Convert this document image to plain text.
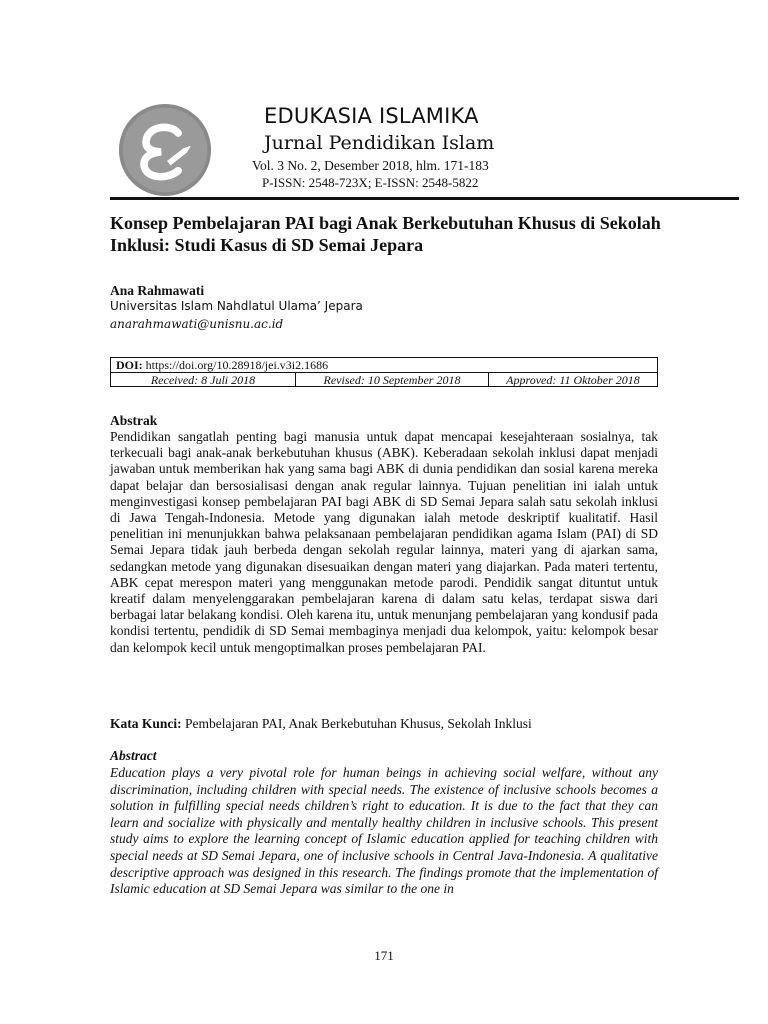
EDUKASIA ISLAMIKA
Jurnal Pendidikan Islam
Vol. 3 No. 2, Desember 2018, hlm. 171-183
P-ISSN: 2548-723X; E-ISSN: 2548-5822
Konsep Pembelajaran PAI bagi Anak Berkebutuhan Khusus di Sekolah Inklusi: Studi Kasus di SD Semai Jepara
Ana Rahmawati
Universitas Islam Nahdlatul Ulama’ Jepara
anarahmawati@unisnu.ac.id
DOI: https://doi.org/10.28918/jei.v3i2.1686
Received: 8 Juli 2018	Revised: 10 September 2018	Approved: 11 Oktober 2018
Abstrak
Pendidikan sangatlah penting bagi manusia untuk dapat mencapai kesejahteraan sosialnya, tak terkecuali bagi anak-anak berkebutuhan khusus (ABK). Keberadaan sekolah inklusi dapat menjadi jawaban untuk memberikan hak yang sama bagi ABK di dunia pendidikan dan sosial karena mereka dapat belajar dan bersosialisasi dengan anak regular lainnya. Tujuan penelitian ini ialah untuk menginvestigasi konsep pembelajaran PAI bagi ABK di SD Semai Jepara salah satu sekolah inklusi di Jawa Tengah-Indonesia. Metode yang digunakan ialah metode deskriptif kualitatif. Hasil penelitian ini menunjukkan bahwa pelaksanaan pembelajaran pendidikan agama Islam (PAI) di SD Semai Jepara tidak jauh berbeda dengan sekolah regular lainnya, materi yang di ajarkan sama, sedangkan metode yang digunakan disesuaikan dengan materi yang diajarkan. Pada materi tertentu, ABK cepat merespon materi yang menggunakan metode parodi. Pendidik sangat dituntut untuk kreatif dalam menyelenggarakan pembelajaran karena di dalam satu kelas, terdapat siswa dari berbagai latar belakang kondisi. Oleh karena itu, untuk menunjang pembelajaran yang kondusif pada kondisi tertentu, pendidik di SD Semai membaginya menjadi dua kelompok, yaitu: kelompok besar dan kelompok kecil untuk mengoptimalkan proses pembelajaran PAI.
Kata Kunci: Pembelajaran PAI, Anak Berkebutuhan Khusus, Sekolah Inklusi
Abstract
Education plays a very pivotal role for human beings in achieving social welfare, without any discrimination, including children with special needs. The existence of inclusive schools becomes a solution in fulfilling special needs children’s right to education. It is due to the fact that they can learn and socialize with physically and mentally healthy children in inclusive schools. This present study aims to explore the learning concept of Islamic education applied for teaching children with special needs at SD Semai Jepara, one of inclusive schools in Central Java-Indonesia. A qualitative descriptive approach was designed in this research. The findings promote that the implementation of Islamic education at SD Semai Jepara was similar to the one in
171
